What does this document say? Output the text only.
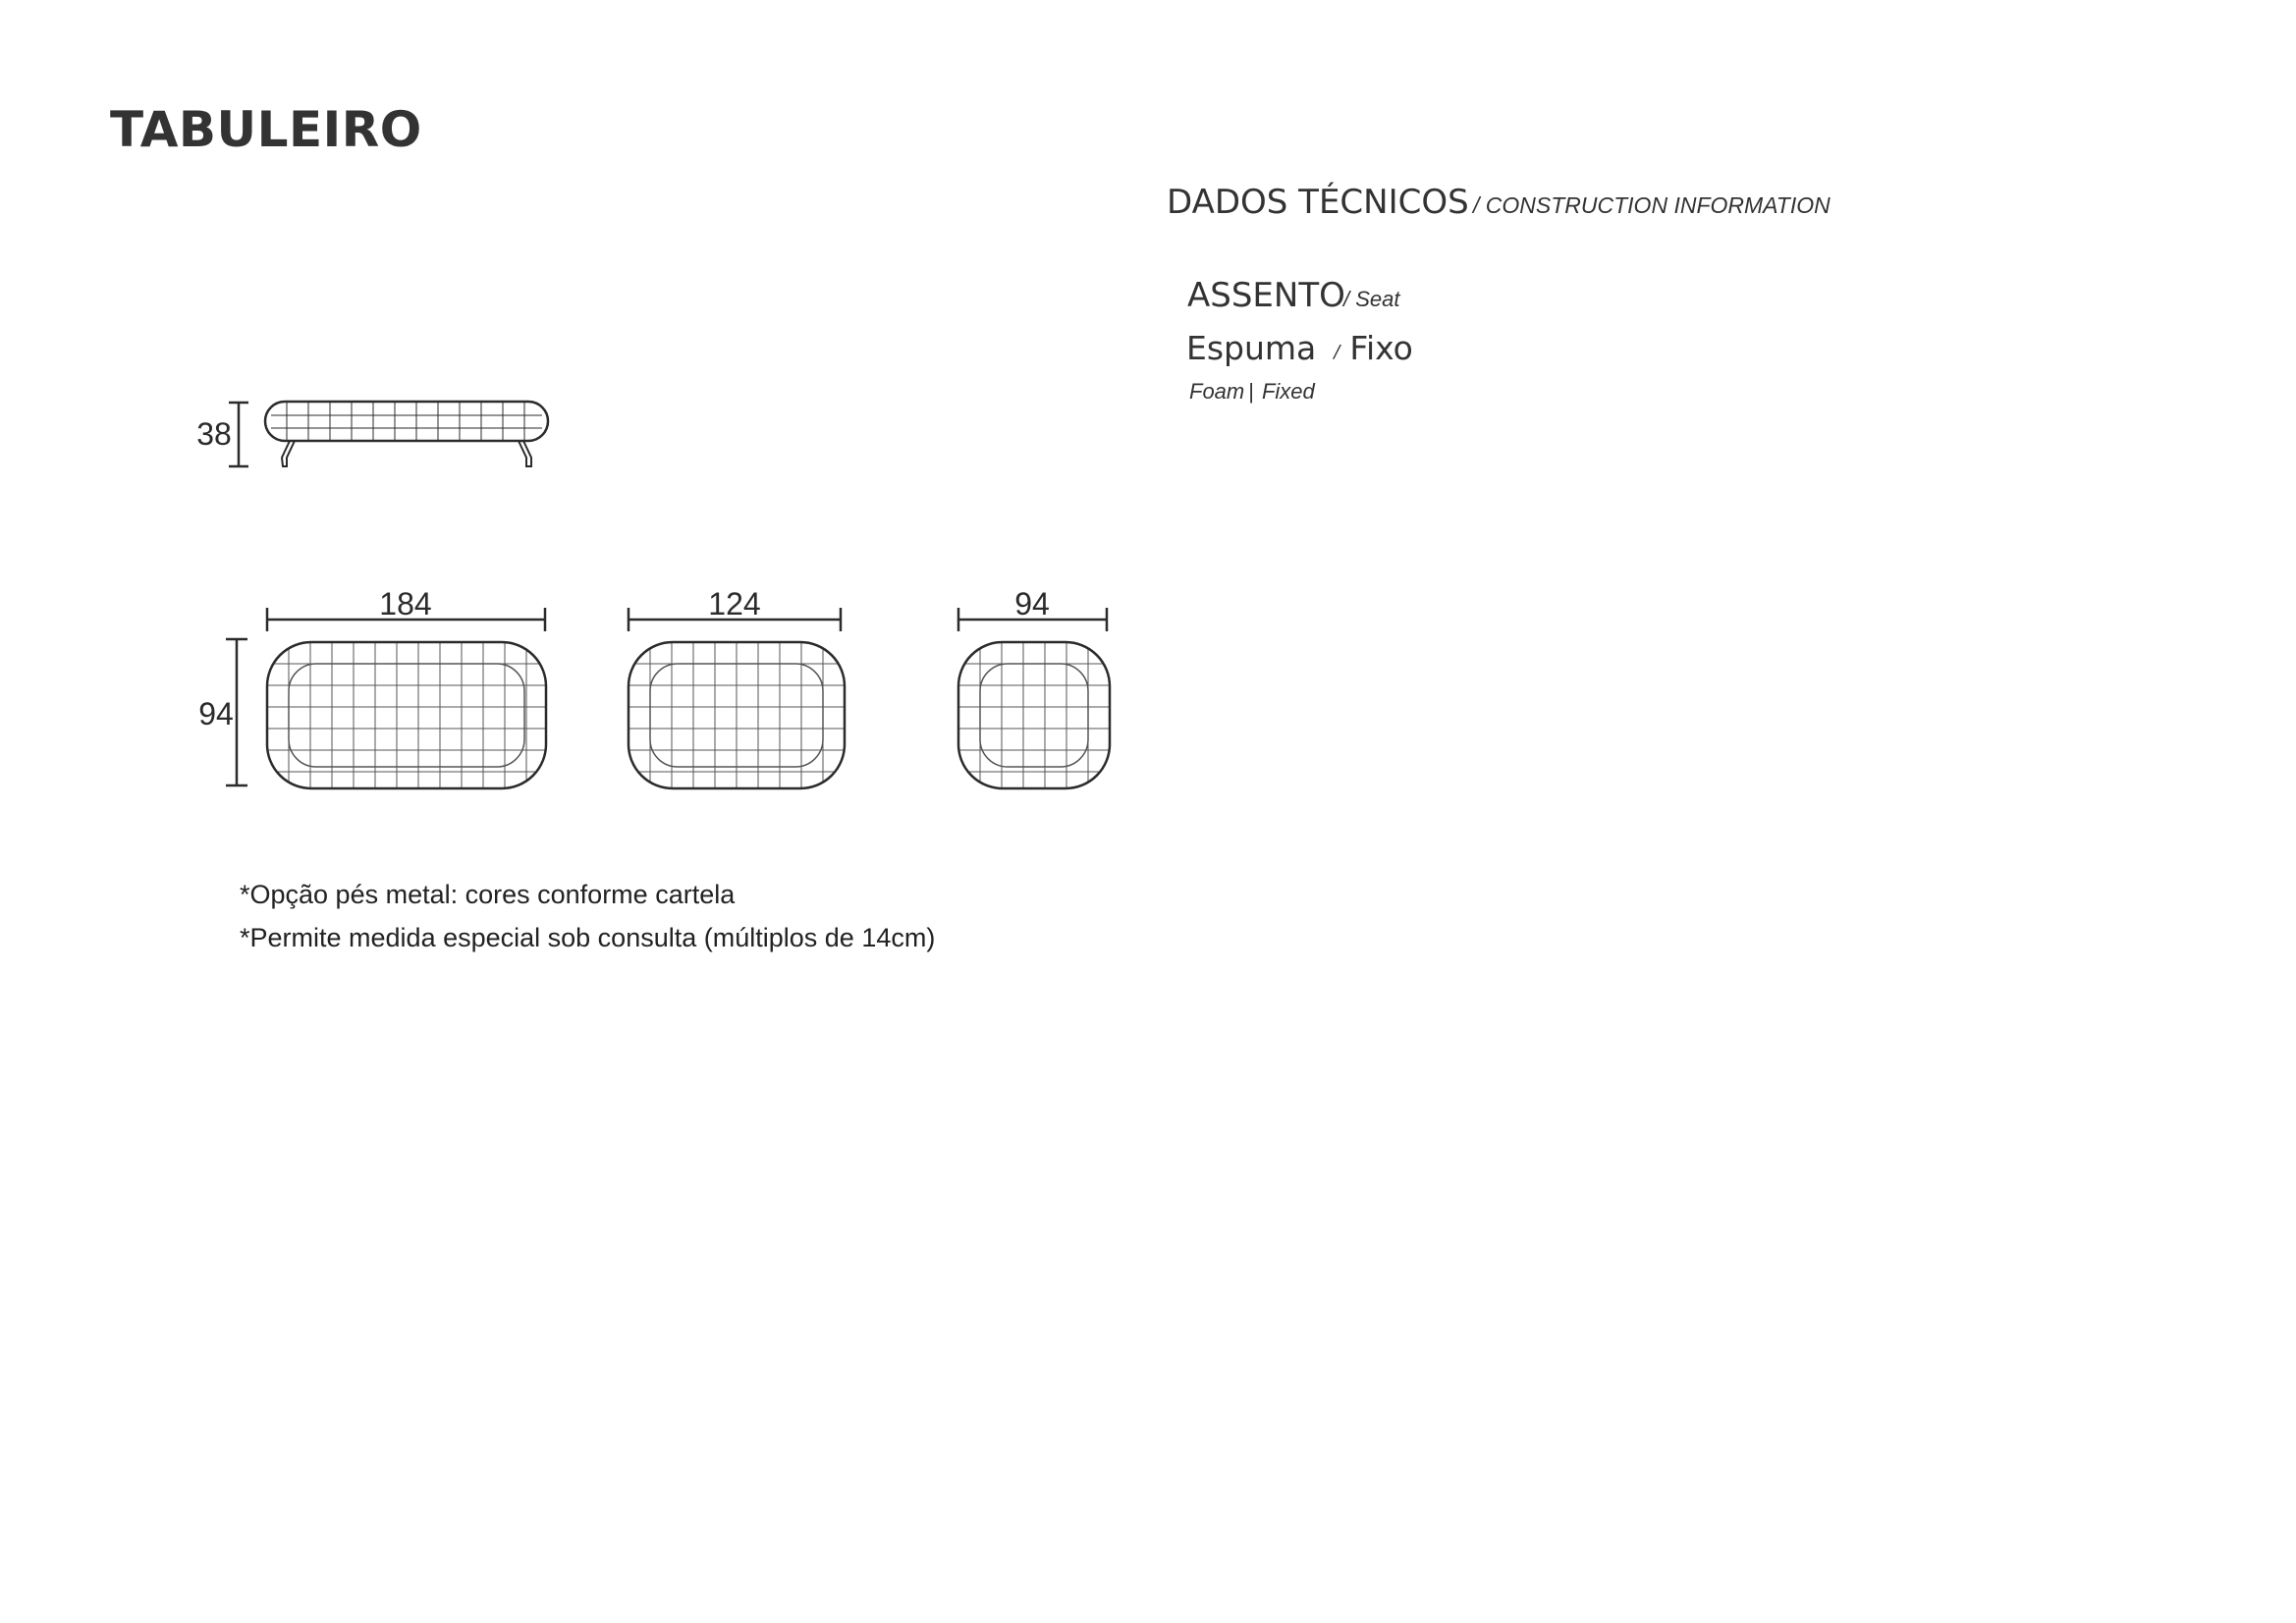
TABULEIRO
DADOS TÉCNICOS / CONSTRUCTION INFORMATION
ASSENTO
/ Seat
Espuma / Fixo
Foam | Fixed
38
94
184	124	94
*Opção pés metal: cores conforme cartela
*Permite medida especial sob consulta (múltiplos de 14cm)
